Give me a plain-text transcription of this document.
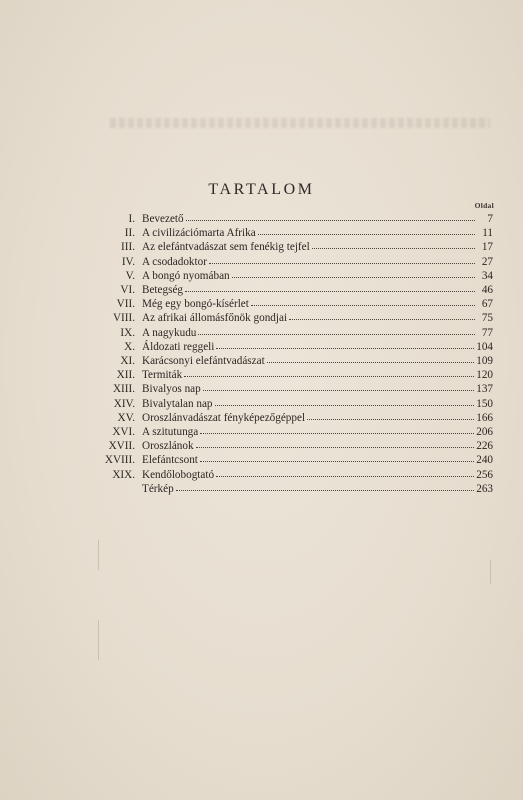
TARTALOM
Oldal
I. Bevezető	7
II. A civilizációmarta Afrika	11
III. Az elefántvadászat sem fenékig tejfel	17
IV. A csodadoktor	27
V. A bongó nyomában	34
VI. Betegség	46
VII. Még egy bongó-kísérlet	67
VIII. Az afrikai állomásfőnök gondjai	75
IX. A nagykudu	77
X. Áldozati reggeli	104
XI. Karácsonyi elefántvadászat	109
XII. Termiták	120
XIII. Bivalyos nap	137
XIV. Bivalytalan nap	150
XV. Oroszlánvadászat fényképezőgéppel	166
XVI. A szitutunga	206
XVII. Oroszlánok	226
XVIII. Elefántcsont	240
XIX. Kendőlobogtató	256
Térkép	263
